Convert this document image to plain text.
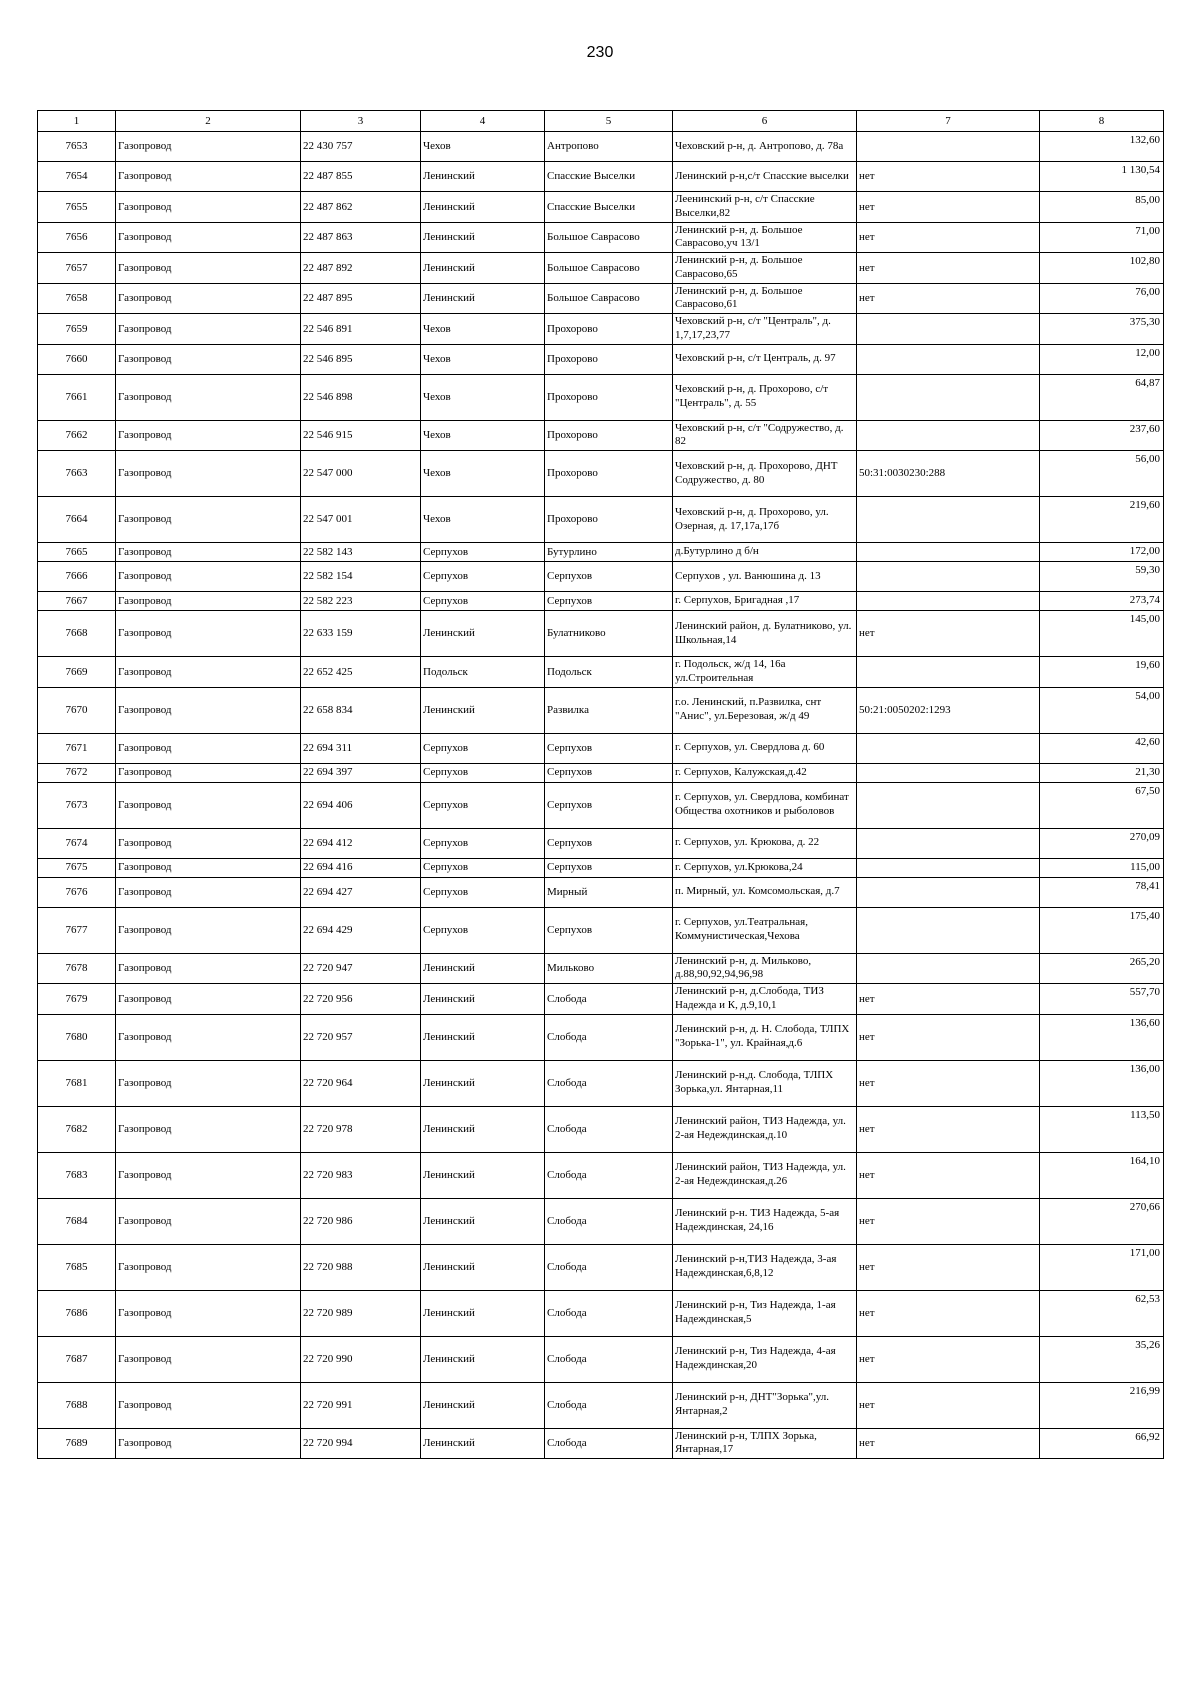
230
1	2	3	4	5	6	7	8
7653	Газопровод	22 430 757	Чехов	Антропово	Чеховский р-н, д. Антропово, д. 78а		132,60
7654	Газопровод	22 487 855	Ленинский	Спасские Выселки	Ленинский р-н,с/т Спасские выселки	нет	1 130,54
7655	Газопровод	22 487 862	Ленинский	Спасские Выселки	Леенинский р-н, с/т Спасские Выселки,82	нет	85,00
7656	Газопровод	22 487 863	Ленинский	Большое Саврасово	Ленинский р-н, д. Большое Саврасово,уч 13/1	нет	71,00
7657	Газопровод	22 487 892	Ленинский	Большое Саврасово	Ленинский р-н, д. Большое Саврасово,65	нет	102,80
7658	Газопровод	22 487 895	Ленинский	Большое Саврасово	Ленинский р-н, д. Большое Саврасово,61	нет	76,00
7659	Газопровод	22 546 891	Чехов	Прохорово	Чеховский р-н, с/т "Централь", д. 1,7,17,23,77		375,30
7660	Газопровод	22 546 895	Чехов	Прохорово	Чеховский р-н, с/т Централь, д. 97		12,00
7661	Газопровод	22 546 898	Чехов	Прохорово	Чеховский р-н, д. Прохорово, с/т "Централь", д. 55		64,87
7662	Газопровод	22 546 915	Чехов	Прохорово	Чеховский р-н, с/т "Содружество, д. 82		237,60
7663	Газопровод	22 547 000	Чехов	Прохорово	Чеховский р-н, д. Прохорово, ДНТ Содружество, д. 80	50:31:0030230:288	56,00
7664	Газопровод	22 547 001	Чехов	Прохорово	Чеховский р-н, д. Прохорово, ул. Озерная, д. 17,17а,17б		219,60
7665	Газопровод	22 582 143	Серпухов	Бутурлино	д.Бутурлино д б/н		172,00
7666	Газопровод	22 582 154	Серпухов	Серпухов	Серпухов , ул. Ванюшина д. 13		59,30
7667	Газопровод	22 582 223	Серпухов	Серпухов	г. Серпухов, Бригадная ,17		273,74
7668	Газопровод	22 633 159	Ленинский	Булатниково	Ленинский район, д. Булатниково, ул. Школьная,14	нет	145,00
7669	Газопровод	22 652 425	Подольск	Подольск	г. Подольск, ж/д 14, 16а ул.Строительная		19,60
7670	Газопровод	22 658 834	Ленинский	Развилка	г.о. Ленинский, п.Развилка, снт "Анис", ул.Березовая, ж/д 49	50:21:0050202:1293	54,00
7671	Газопровод	22 694 311	Серпухов	Серпухов	г. Серпухов, ул. Свердлова д. 60		42,60
7672	Газопровод	22 694 397	Серпухов	Серпухов	г. Серпухов, Калужская,д.42		21,30
7673	Газопровод	22 694 406	Серпухов	Серпухов	г. Серпухов, ул. Свердлова, комбинат Общества охотников и рыболовов		67,50
7674	Газопровод	22 694 412	Серпухов	Серпухов	г. Серпухов, ул. Крюкова, д. 22		270,09
7675	Газопровод	22 694 416	Серпухов	Серпухов	г. Серпухов, ул.Крюкова,24		115,00
7676	Газопровод	22 694 427	Серпухов	Мирный	п. Мирный, ул. Комсомольская, д.7		78,41
7677	Газопровод	22 694 429	Серпухов	Серпухов	г. Серпухов, ул.Театральная, Коммунистическая,Чехова		175,40
7678	Газопровод	22 720 947	Ленинский	Мильково	Ленинский р-н, д. Мильково, д.88,90,92,94,96,98		265,20
7679	Газопровод	22 720 956	Ленинский	Слобода	Ленинский р-н, д.Слобода, ТИЗ Надежда и К, д.9,10,1	нет	557,70
7680	Газопровод	22 720 957	Ленинский	Слобода	Ленинский р-н, д. Н. Слобода, ТЛПХ "Зорька-1", ул. Крайная,д.6	нет	136,60
7681	Газопровод	22 720 964	Ленинский	Слобода	Ленинский р-н,д. Слобода, ТЛПХ Зорька,ул. Янтарная,11	нет	136,00
7682	Газопровод	22 720 978	Ленинский	Слобода	Ленинский район, ТИЗ Надежда, ул. 2-ая Недеждинская,д.10	нет	113,50
7683	Газопровод	22 720 983	Ленинский	Слобода	Ленинский район, ТИЗ Надежда, ул. 2-ая Недеждинская,д.26	нет	164,10
7684	Газопровод	22 720 986	Ленинский	Слобода	Ленинский р-н. ТИЗ Надежда, 5-ая Надеждинская, 24,16	нет	270,66
7685	Газопровод	22 720 988	Ленинский	Слобода	Ленинский р-н,ТИЗ Надежда, 3-ая Надеждинская,6,8,12	нет	171,00
7686	Газопровод	22 720 989	Ленинский	Слобода	Ленинский р-н, Тиз Надежда, 1-ая Надеждинская,5	нет	62,53
7687	Газопровод	22 720 990	Ленинский	Слобода	Ленинский р-н, Тиз Надежда, 4-ая Надеждинская,20	нет	35,26
7688	Газопровод	22 720 991	Ленинский	Слобода	Ленинский р-н, ДНТ"Зорька",ул. Янтарная,2	нет	216,99
7689	Газопровод	22 720 994	Ленинский	Слобода	Ленинский р-н, ТЛПХ Зорька, Янтарная,17	нет	66,92
